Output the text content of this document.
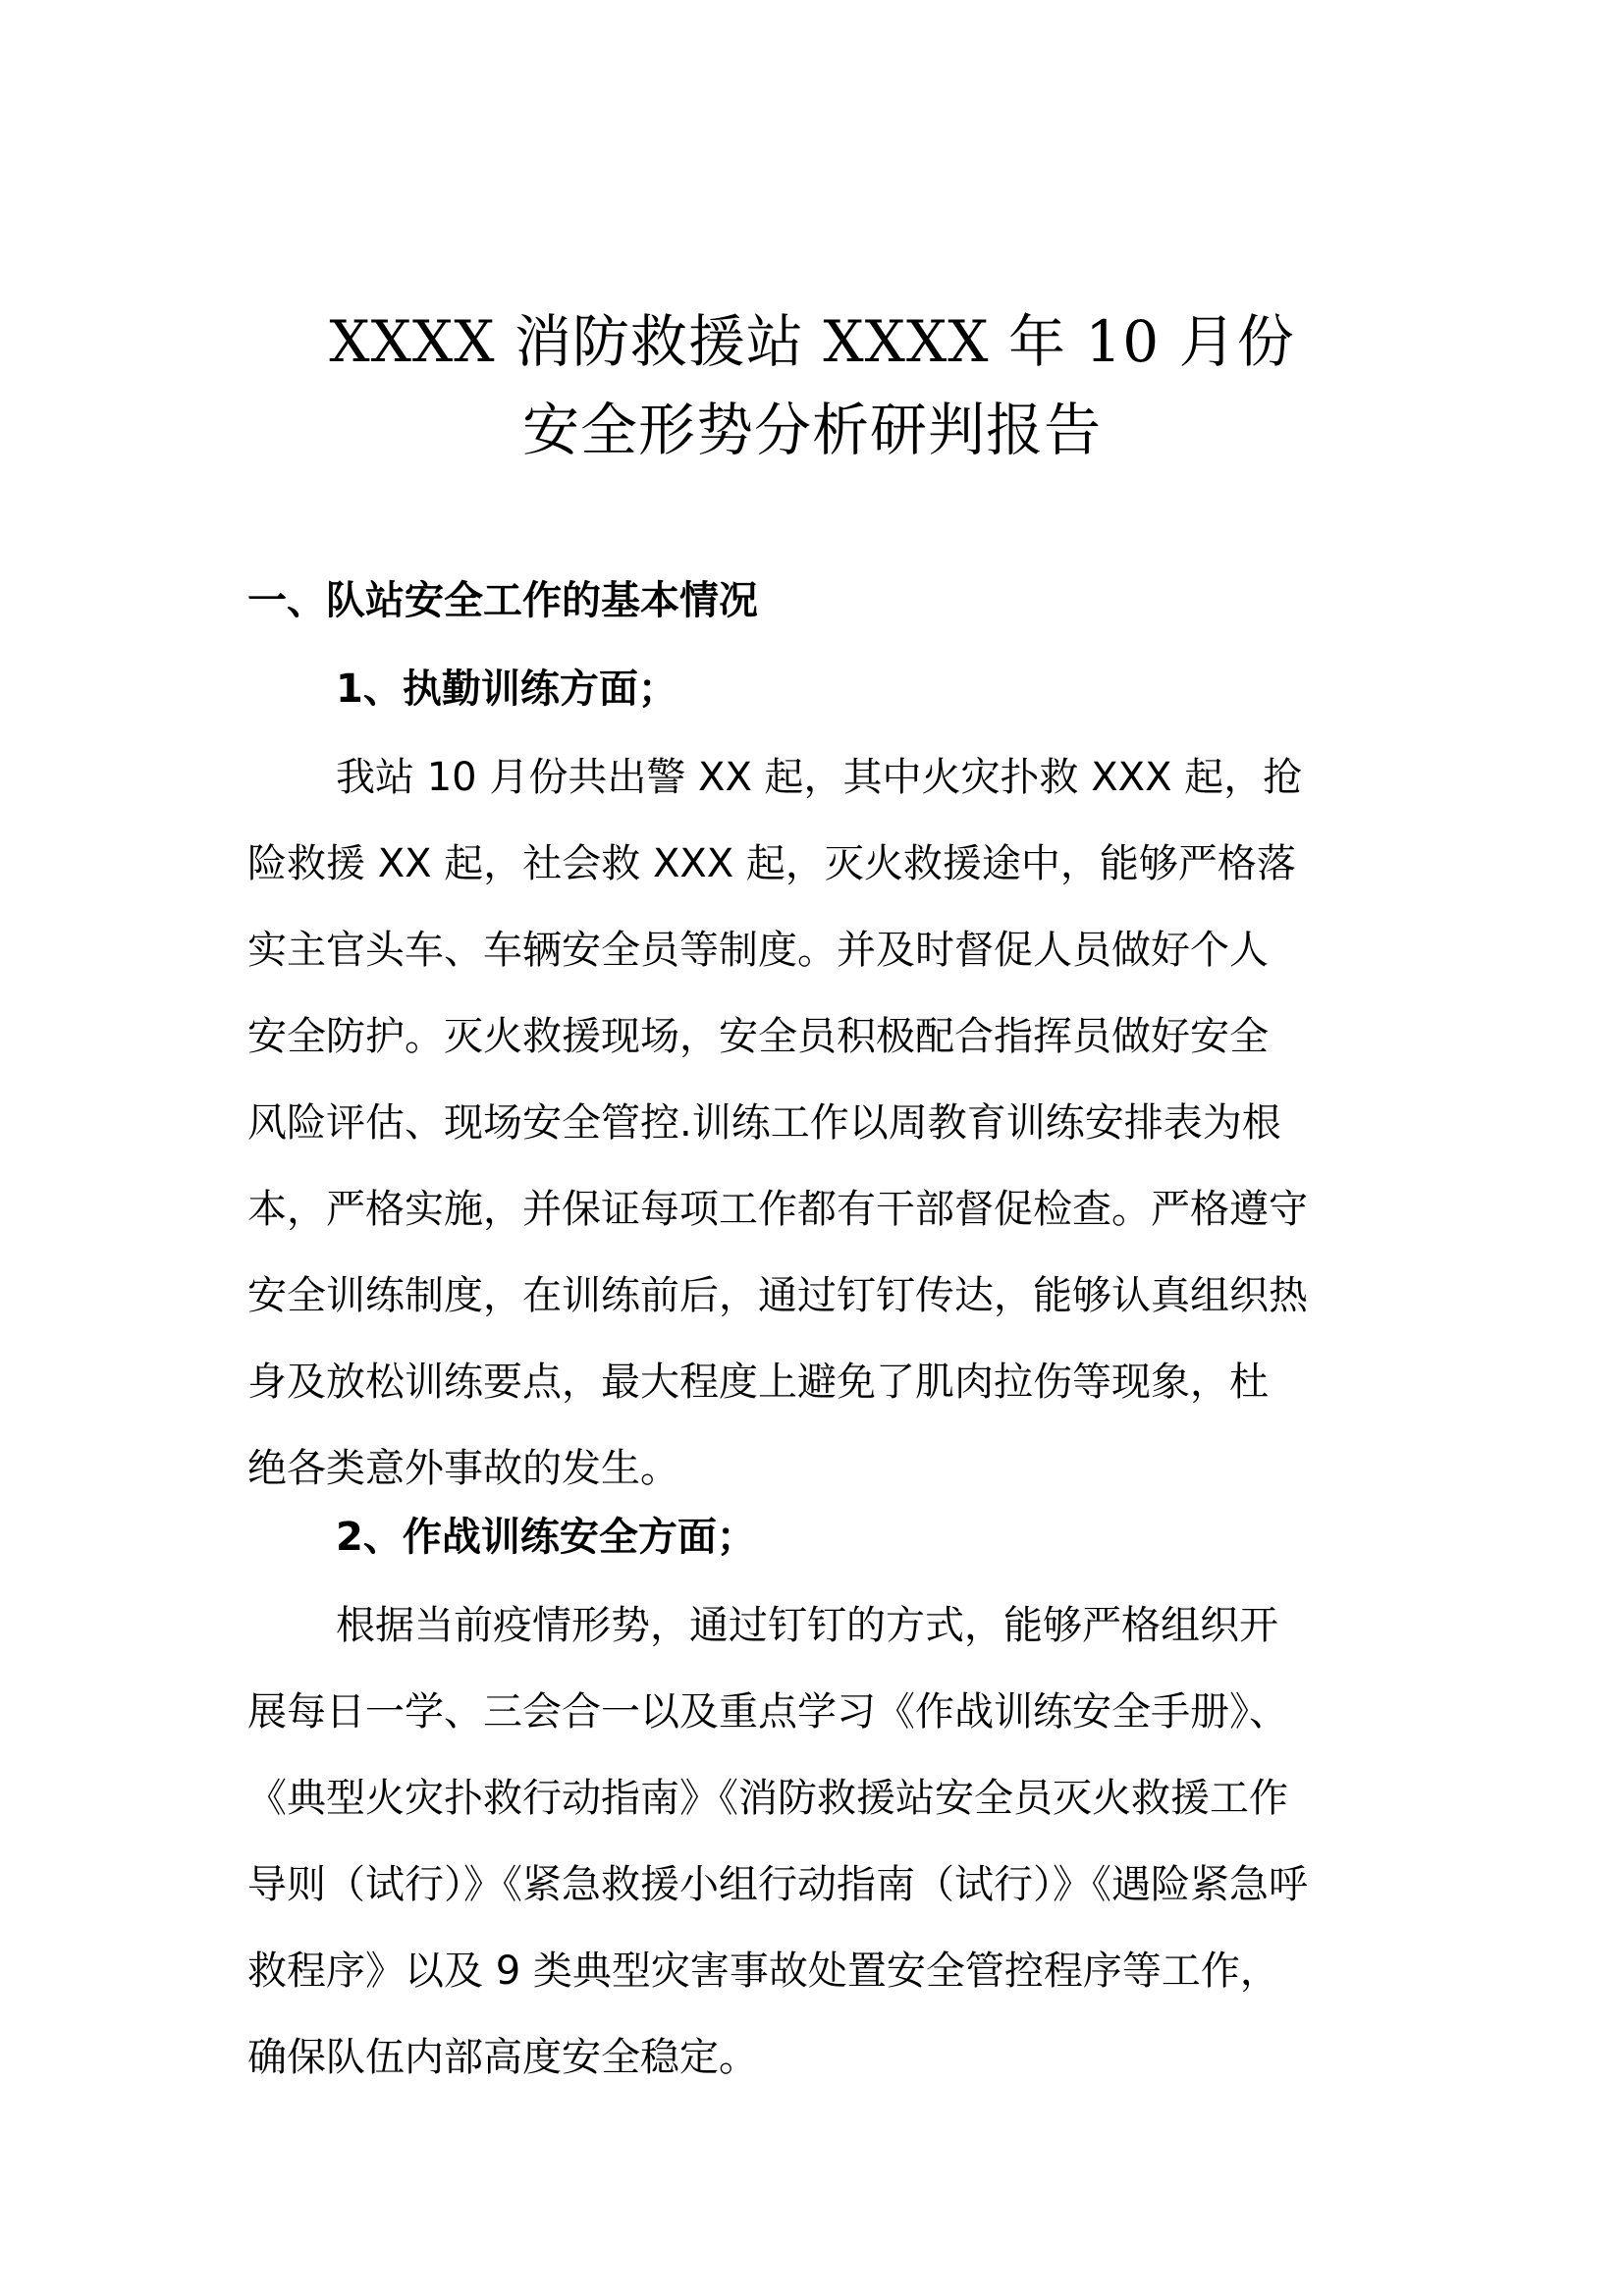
XXXX 消防救援站 XXXX 年 10 月份
安全形势分析研判报告
一、队站安全工作的基本情况
1、执勤训练方面；
我站 10 月份共出警 XX 起，其中火灾扑救 XXX 起，抢
险救援 XX 起，社会救 XXX 起，灭火救援途中，能够严格落
实主官头车、车辆安全员等制度。并及时督促人员做好个人
安全防护。灭火救援现场，安全员积极配合指挥员做好安全
风险评估、现场安全管控.训练工作以周教育训练安排表为根
本，严格实施，并保证每项工作都有干部督促检查。严格遵守
安全训练制度，在训练前后，通过钉钉传达，能够认真组织热
身及放松训练要点，最大程度上避免了肌肉拉伤等现象，杜
绝各类意外事故的发生。
2、作战训练安全方面；
根据当前疫情形势，通过钉钉的方式，能够严格组织开
展每日一学、三会合一以及重点学习《作战训练安全手册》、
《典型火灾扑救行动指南》《消防救援站安全员灭火救援工作
导则（试行）》《紧急救援小组行动指南（试行）》《遇险紧急呼
救程序》以及 9 类典型灾害事故处置安全管控程序等工作，
确保队伍内部高度安全稳定。
